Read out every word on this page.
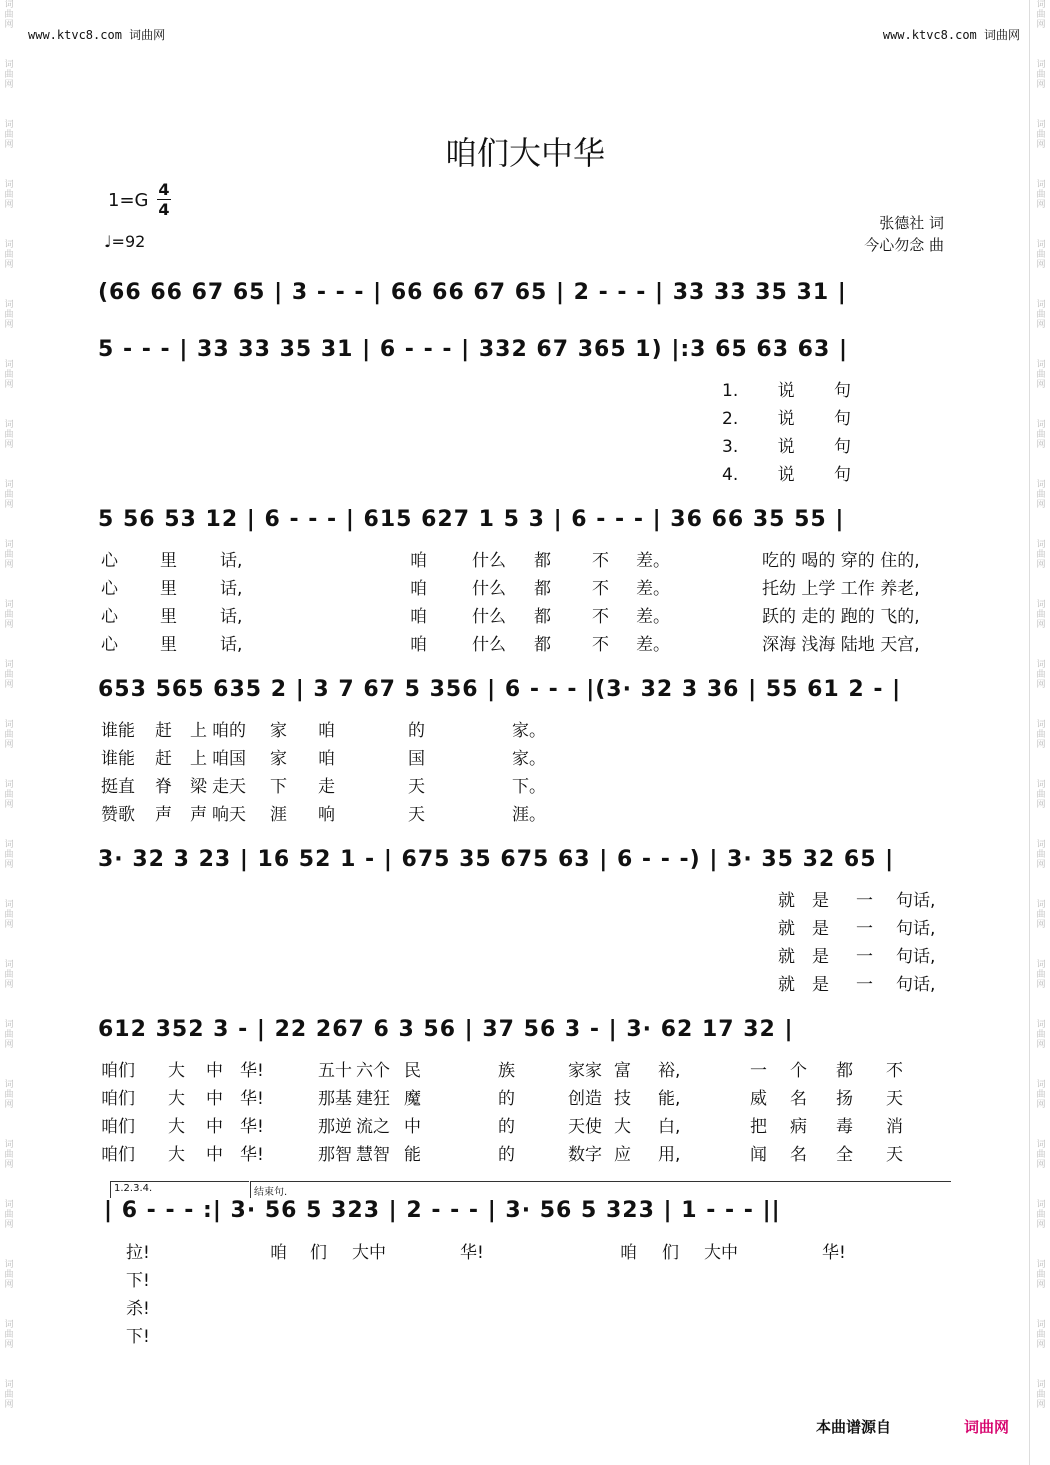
词
曲
网
词
曲
网
词
曲
网
词
曲
网
词
曲
网
词
曲
网
词
曲
网
词
曲
网
词
曲
网
词
曲
网
词
曲
网
词
曲
网
词
曲
网
词
曲
网
词
曲
网
词
曲
网
词
曲
网
词
曲
网
词
曲
网
词
曲
网
词
曲
网
词
曲
网
词
曲
网
词
曲
网
词
曲
网
词
曲
网
词
曲
网
词
曲
网
词
曲
网
词
曲
网
词
曲
网
词
曲
网
词
曲
网
词
曲
网
词
曲
网
词
曲
网
词
曲
网
词
曲
网
词
曲
网
词
曲
网
词
曲
网
词
曲
网
词
曲
网
词
曲
网
词
曲
网
词
曲
网
词
曲
网
词
曲
网
www.ktvc8.com 词曲网	www.ktvc8.com 词曲网
咱们大中华
1=G
4
4
♩=92
张德社 词
今心勿念 曲
(66 66 67 65 | 3 - - - | 66 66 67 65 | 2 - - - | 33 33 35 31 |
5 - - - | 33 33 35 31 | 6 - - - | 332 67 365 1) |:3 65 63 63 |
1. 说 句
2. 说 句
3. 说 句
4. 说 句
5 56 53 12 | 6 - - - | 615 627 1 5 3 | 6 - - - | 36 66 35 55 |
心 里	话,	咱	什么 都 不 差。	吃的 喝的 穿的 住的,
心 里	话,	咱	什么 都 不 差。	托幼 上学 工作 养老,
心 里	话,	咱	什么 都 不 差。	跃的 走的 跑的 飞的,
心 里	话,	咱	什么 都 不 差。	深海 浅海 陆地 天宫,
653 565 635 2 | 3 7 67 5 356 | 6 - - - |(3· 32 3 36 | 55 61 2 - |
谁能 赶 上 咱的 家 咱	的	家。
谁能 赶 上 咱国 家 咱	国	家。
挺直 脊 梁 走天 下 走	天	下。
赞歌 声 声 响天 涯 响	天	涯。
3· 32 3 23 | 16 52 1 - | 675 35 675 63 | 6 - - -) | 3· 35 32 65 |
就 是 一 句话,
就 是 一 句话,
就 是 一 句话,
就 是 一 句话,
612 352 3 - | 22 267 6 3 56 | 37 56 3 - | 3· 62 17 32 |
咱们 大 中 华!	五十 六个 民	族	家家 富 裕,	一 个 都 不
咱们 大 中 华!	那基 建狂 魔	的	创造 技 能,	威 名 扬 天
咱们 大 中 华!	那逆 流之 中	的	天使 大 白,	把 病 毒 消
咱们 大 中 华!	那智 慧智 能	的	数字 应 用,	闻 名 全 天
1.2.3.4.	结束句.
| 6 - - - :| 3· 56 5 323 | 2 - - - | 3· 56 5 323 | 1 - - - ||
拉!	咱 们 大中	华!	咱 们 大中	华!
下!
杀!
下!
本曲谱源自	词曲网
